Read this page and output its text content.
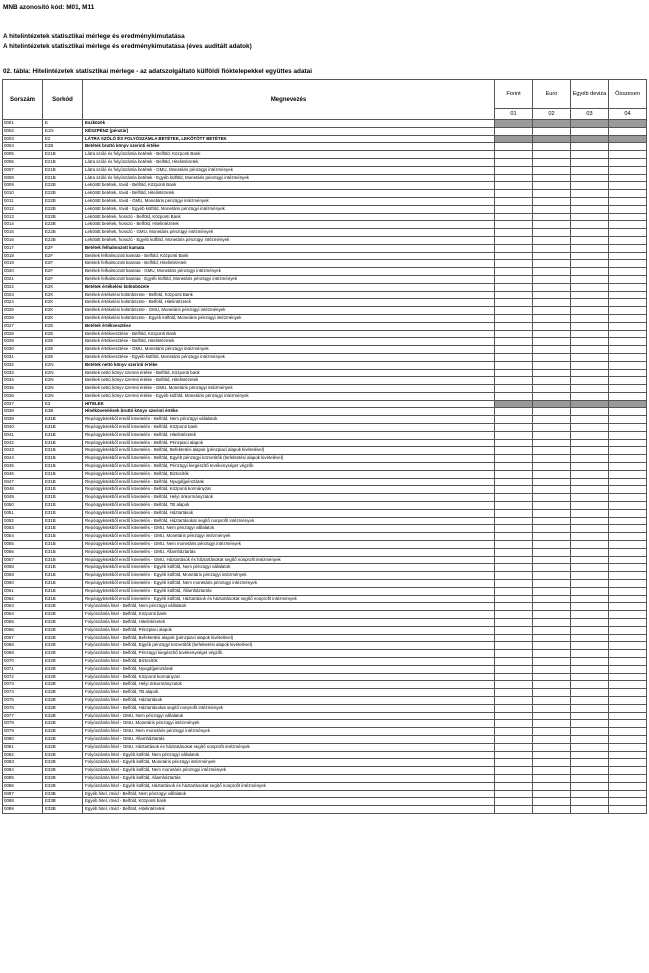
MNB azonosító kód: M01, M11
A hitelintézetek statisztikai mérlege és eredménykimutatása
A hitelintézetek statisztikai mérlege és eredménykimutatása (éves auditált adatok)
02. tábla: Hitelintézetek statisztikai mérlege - az adatszolgáltató külföldi fióktelepekkel együttes adatai
Sorszám	Sorkód	Megnevezés	Forint	Euro	Egyéb deviza	Összesen
			01	02	03	04
0001	E	Eszközök				
0002	E1N	KÉSZPÉNZ (pénztár)				
0003	E2	LÁTRA SZÓLÓ ÉS FOLYÓSZÁMLA BETÉTEK, LEKÖTÖTT BETÉTEK				
0004	E2B	Betétek bruttó könyv szerinti értéke				
0005	E21B	Látra szóló és folyószámla betétek - Belföld, Központi Bank				
0006	E21B	Látra szóló és folyószámla betétek - Belföld, Hitelintézetek				
0007	E21B	Látra szóló és folyószámla betétek - GMU, Monetáris pénzügyi intézmények				
0008	E21B	Látra szóló és folyószámla betétek - Egyéb külföld, Monetáris pénzügyi intézmények				
0009	E22B	Lekötött betétek, rövid - Belföld, Központi Bank				
0010	E22B	Lekötött betétek, rövid - Belföld, Hitelintézetek				
0011	E22B	Lekötött betétek, rövid - GMU, Monetáris pénzügyi intézmények				
0012	E22B	Lekötött betétek, rövid - Egyéb külföld, Monetáris pénzügyi intézmények				
0013	E22B	Lekötött betétek, hosszú - Belföld, Központi Bank				
0014	E22B	Lekötött betétek, hosszú - Belföld, Hitelintézetek				
0015	E22B	Lekötött betétek, hosszú - GMU, Monetáris pénzügyi intézmények				
0016	E22B	Lekötött betétek, hosszú - Egyéb külföld, Monetáris pénzügyi intézmények				
0017	E2F	Betétek felhalmozott kamata				
0018	E2F	Betétek felhalmozott kamata - Belföld, Központi Bank				
0019	E2F	Betétek felhalmozott kamata - Belföld, Hitelintézetek				
0020	E2F	Betétek felhalmozott kamata - GMU, Monetáris pénzügyi intézmények				
0021	E2F	Betétek felhalmozott kamata - Egyéb külföld, Monetáris pénzügyi intézmények				
0022	E2K	Betétek értékelési különbözete				
0023	E2K	Betétek értékelési különbözete - Belföld, Központi Bank				
0024	E2K	Betétek értékelési különbözete - Belföld, Hitelintézetek				
0025	E2K	Betétek értékelési különbözete - GMU, Monetáris pénzügyi intézmények				
0026	E2K	Betétek értékelési különbözete - Egyéb külföld, Monetáris pénzügyi intézmények				
0027	E2E	Betétek értékvesztése				
0028	E2E	Betétek értékvesztése - Belföld, Központi Bank				
0029	E2E	Betétek értékvesztése - Belföld, Hitelintézetek				
0030	E2E	Betétek értékvesztése - GMU, Monetáris pénzügyi intézmények				
0031	E2E	Betétek értékvesztése - Egyéb külföld, Monetáris pénzügyi intézmények				
0032	E2N	Betétek nettó könyv szerinti értéke				
0033	E2N	Betétek nettó könyv szerinti értéke - Belföld, Központi bank				
0034	E2N	Betétek nettó könyv szerinti értéke - Belföld, Hitelintézetek				
0035	E2N	Betétek nettó könyv szerinti értéke - GMU, Monetáris pénzügyi intézmények				
0036	E2N	Betétek nettó könyv szerinti értéke - Egyéb külföld, Monetáris pénzügyi intézmények				
0037	E3	HITELEK				
0038	E3B	Hitelkövetelések bruttó könyv szerinti értéke				
0039	E31B	Repóügyletekből eredő követelés - Belföld, Nem pénzügyi vállalatok				
0040	E31B	Repóügyletekből eredő követelés - Belföld, Központi bank				
0041	E31B	Repóügyletekből eredő követelés - Belföld, Hitelintézetek				
0042	E31B	Repóügyletekből eredő követelés - Belföld, Pénzpiaci alapok				
0043	E31B	Repóügyletekből eredő követelés - Belföld, Befektetési alapok (pénzpiaci alapok kivételével)				
0044	E31B	Repóügyletekből eredő követelés - Belföld, Egyéb pénzügyi közvetítők (befektetési alapok kivételével)				
0045	E31B	Repóügyletekből eredő követelés - Belföld, Pénzügyi kiegészítő tevékenységet végzők				
0046	E31B	Repóügyletekből eredő követelés - Belföld, Biztosítók				
0047	E31B	Repóügyletekből eredő követelés - Belföld, Nyugdíjpénztárak				
0048	E31B	Repóügyletekből eredő követelés - Belföld, Központi kormányzat				
0049	E31B	Repóügyletekből eredő követelés - Belföld, Helyi önkormányzatok				
0050	E31B	Repóügyletekből eredő követelés - Belföld, TB alapok				
0051	E31B	Repóügyletekből eredő követelés - Belföld, Háztartások				
0052	E31B	Repóügyletekből eredő követelés - Belföld, Háztartásokat segítő nonprofit intézmények				
0053	E31B	Repóügyletekből eredő követelés - GMU, Nem pénzügyi vállalatok				
0054	E31B	Repóügyletekből eredő követelés - GMU, Monetáris pénzügyi intézmények				
0055	E31B	Repóügyletekből eredő követelés - GMU, Nem monetáris pénzügyi intézmények				
0056	E31B	Repóügyletekből eredő követelés - GMU, Államháztartás				
0057	E31B	Repóügyletekből eredő követelés - GMU, Háztartások és háztartásokat segítő nonprofit intézmények				
0058	E31B	Repóügyletekből eredő követelés - Egyéb külföld, Nem pénzügyi vállalatok				
0059	E31B	Repóügyletekből eredő követelés - Egyéb külföld, Monetáris pénzügyi intézmények				
0060	E31B	Repóügyletekből eredő követelés - Egyéb külföld, Nem monetáris pénzügyi intézmények				
0061	E31B	Repóügyletekből eredő követelés - Egyéb külföld, Államháztartás				
0062	E31B	Repóügyletekből eredő követelés - Egyéb külföld, Háztartások és háztartásokat segítő nonprofit intézmények				
0063	E32B	Folyószámla hitel - Belföld, Nem pénzügyi vállalatok				
0064	E32B	Folyószámla hitel - Belföld, Központi bank				
0065	E32B	Folyószámla hitel - Belföld, Hitelintézetek				
0066	E32B	Folyószámla hitel - Belföld, Pénzpiaci alapok				
0067	E32B	Folyószámla hitel - Belföld, Befektetési alapok (pénzpiaci alapok kivételével)				
0068	E32B	Folyószámla hitel - Belföld, Egyéb pénzügyi közvetítők (befektetési alapok kivételével)				
0069	E32B	Folyószámla hitel - Belföld, Pénzügyi kiegészítő tevékenységet végzők				
0070	E32B	Folyószámla hitel - Belföld, Biztosítók				
0071	E32B	Folyószámla hitel - Belföld, Nyugdíjpénztárak				
0072	E32B	Folyószámla hitel - Belföld, Központi kormányzat				
0073	E32B	Folyószámla hitel - Belföld, Helyi önkormányzatok				
0074	E32B	Folyószámla hitel - Belföld, TB alapok				
0075	E32B	Folyószámla hitel - Belföld, Háztartások				
0076	E32B	Folyószámla hitel - Belföld, Háztartásokat segítő nonprofit intézmények				
0077	E32B	Folyószámla hitel - GMU, Nem pénzügyi vállalatok				
0078	E32B	Folyószámla hitel - GMU, Monetáris pénzügyi intézmények				
0079	E32B	Folyószámla hitel - GMU, Nem monetáris pénzügyi intézmények				
0080	E32B	Folyószámla hitel - GMU, Államháztartás				
0081	E32B	Folyószámla hitel - GMU, Háztartások és háztartásokat segítő nonprofit intézmények				
0082	E32B	Folyószámla hitel - Egyéb külföld, Nem pénzügyi vállalatok				
0083	E32B	Folyószámla hitel - Egyéb külföld, Monetáris pénzügyi intézmények				
0084	E32B	Folyószámla hitel - Egyéb külföld, Nem monetáris pénzügyi intézmények				
0085	E32B	Folyószámla hitel - Egyéb külföld, Államháztartás				
0086	E32B	Folyószámla hitel - Egyéb külföld, Háztartások és háztartásokat segítő nonprofit intézmények				
0087	E33B	Egyéb hitel, rövid - Belföld, Nem pénzügyi vállalatok				
0088	E33B	Egyéb hitel, rövid - Belföld, Központi bank				
0089	E33B	Egyéb hitel, rövid - Belföld, Hitelintézetek				
